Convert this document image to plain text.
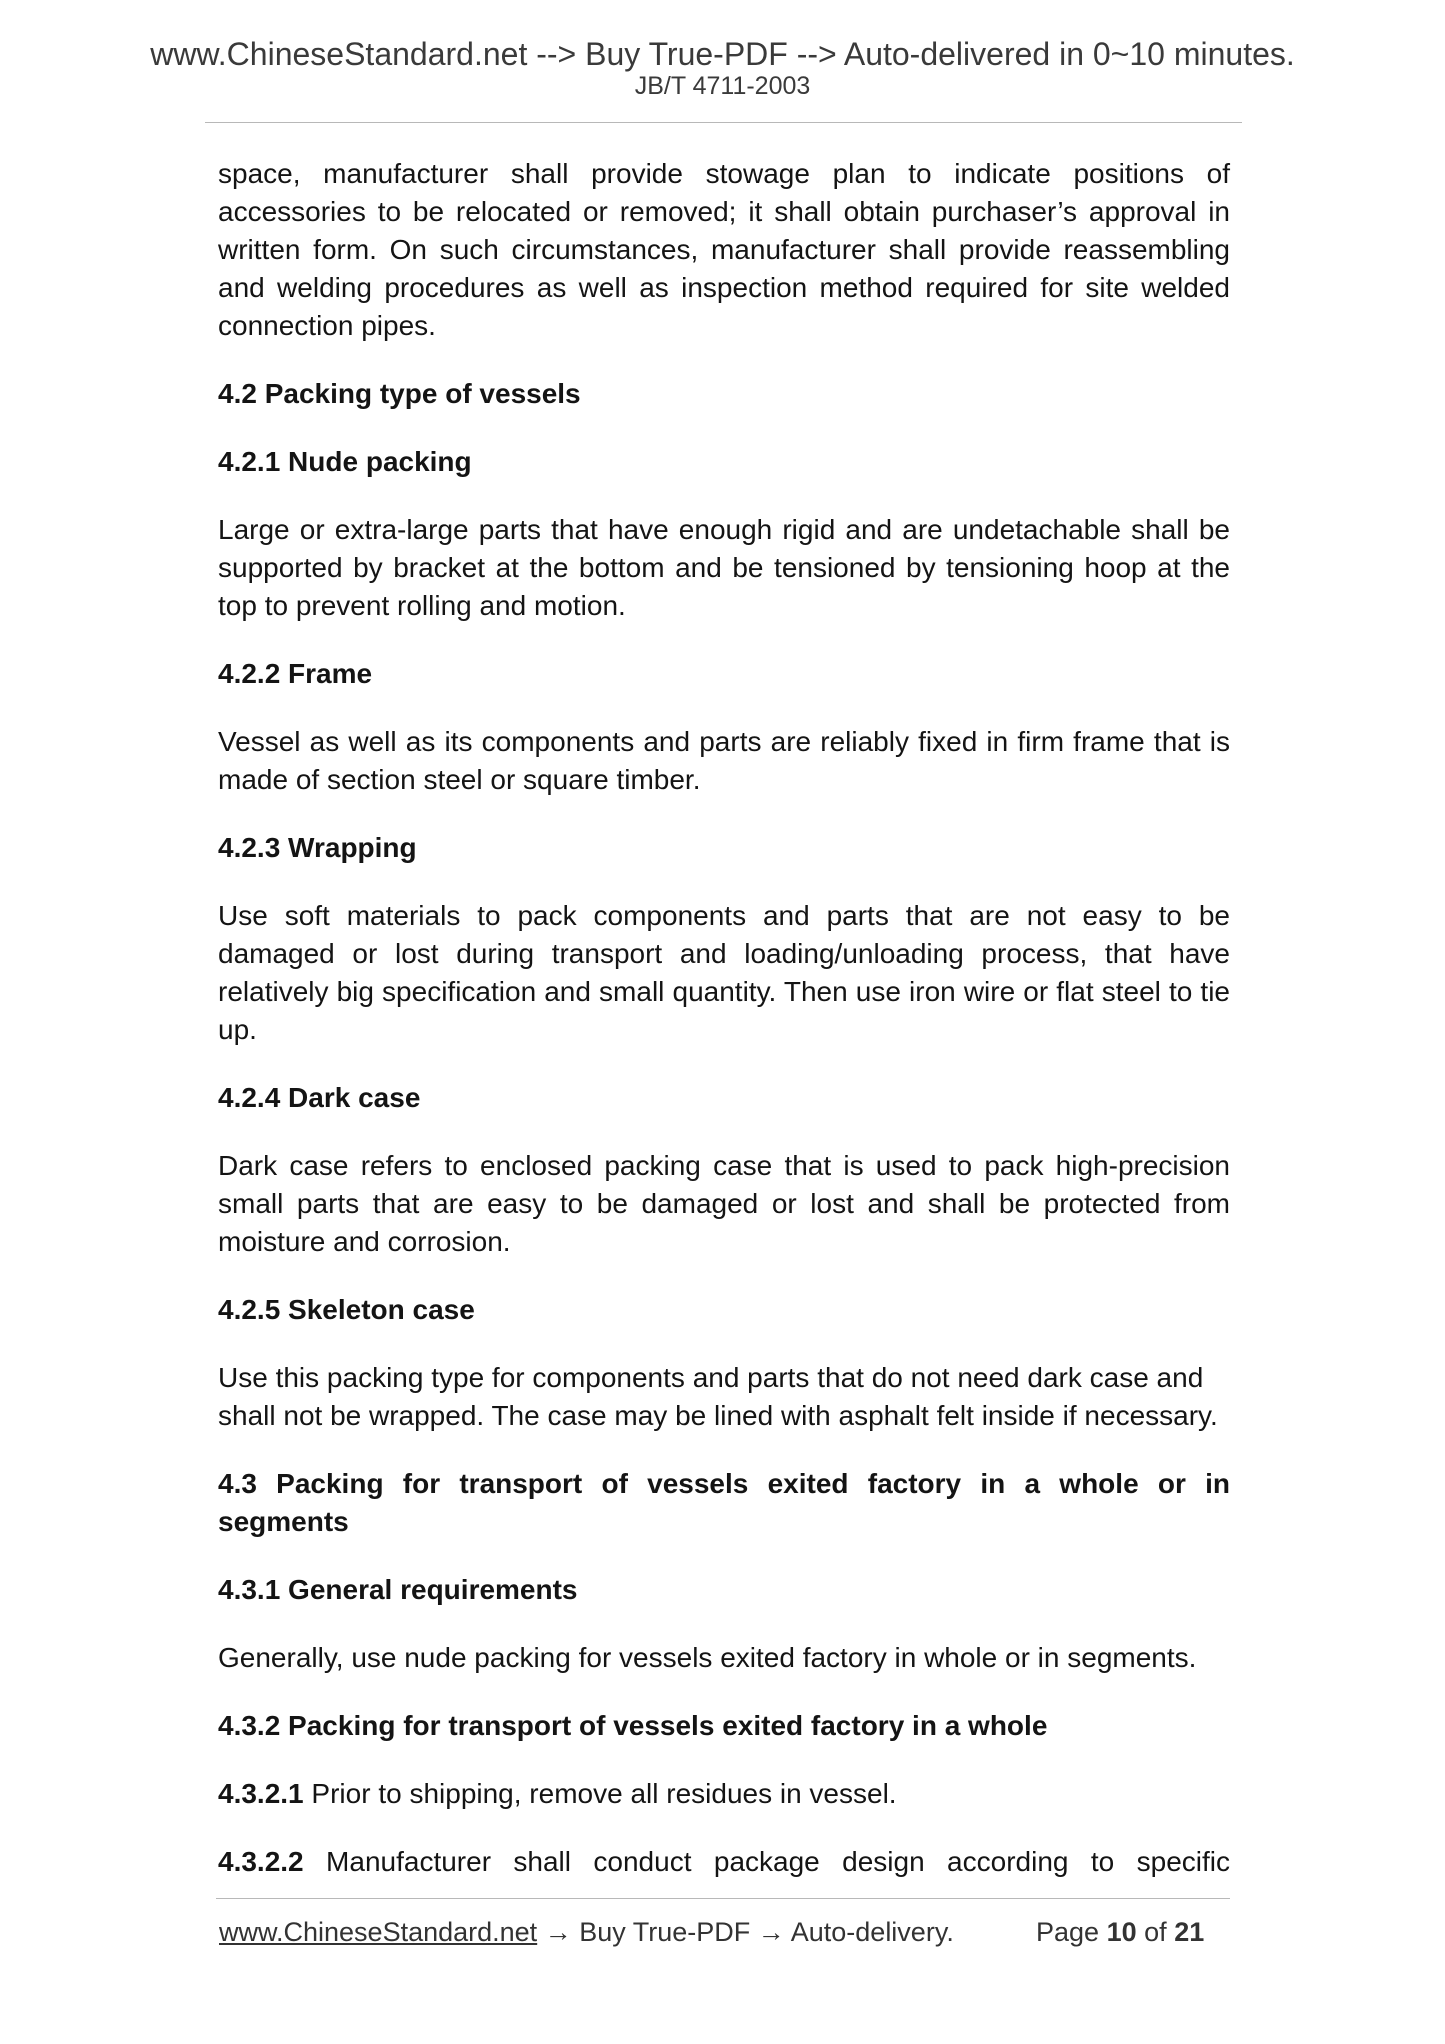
www.ChineseStandard.net --> Buy True-PDF --> Auto-delivered in 0~10 minutes.
JB/T 4711-2003

space, manufacturer shall provide stowage plan to indicate positions of accessories to be relocated or removed; it shall obtain purchaser’s approval in written form. On such circumstances, manufacturer shall provide reassembling and welding procedures as well as inspection method required for site welded connection pipes.

4.2 Packing type of vessels
4.2.1 Nude packing

Large or extra-large parts that have enough rigid and are undetachable shall be supported by bracket at the bottom and be tensioned by tensioning hoop at the top to prevent rolling and motion.

4.2.2 Frame

Vessel as well as its components and parts are reliably fixed in firm frame that is made of section steel or square timber.

4.2.3 Wrapping

Use soft materials to pack components and parts that are not easy to be damaged or lost during transport and loading/unloading process, that have relatively big specification and small quantity. Then use iron wire or flat steel to tie up.

4.2.4 Dark case

Dark case refers to enclosed packing case that is used to pack high-precision small parts that are easy to be damaged or lost and shall be protected from moisture and corrosion.

4.2.5 Skeleton case

Use this packing type for components and parts that do not need dark case and shall not be wrapped. The case may be lined with asphalt felt inside if necessary.

4.3 Packing for transport of vessels exited factory in a whole or in segments
4.3.1 General requirements

Generally, use nude packing for vessels exited factory in whole or in segments.

4.3.2 Packing for transport of vessels exited factory in a whole

4.3.2.1 Prior to shipping, remove all residues in vessel.

4.3.2.2 Manufacturer shall conduct package design according to specific

www.ChineseStandard.net → Buy True-PDF → Auto-delivery.	Page 10 of 21
